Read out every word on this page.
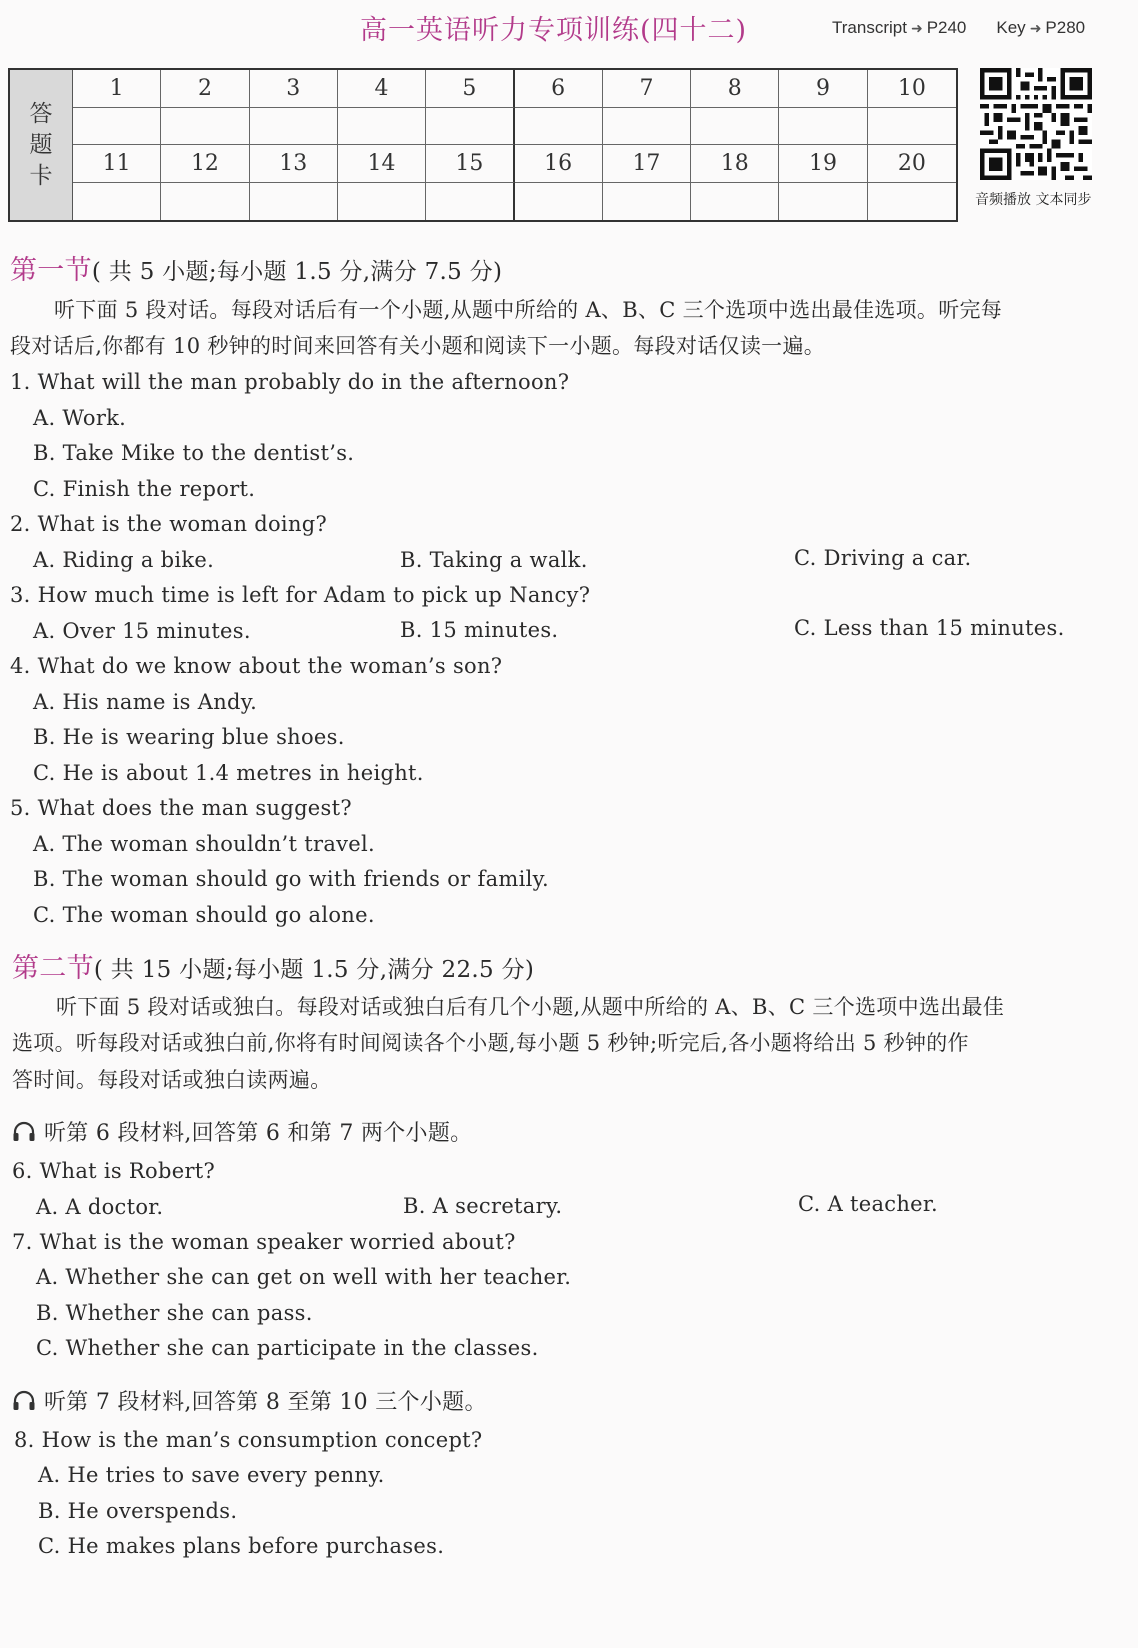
高一英语听力专项训练(四十二)	Transcript ➜ P240 Key ➜ P280
答
题
卡
1	2	3	4	5	6	7	8	9	10
11	12	13	14	15	16	17	18	19	20
音频播放 文本同步
第一节( 共 5 小题;每小题 1.5 分,满分 7.5 分)
听下面 5 段对话。每段对话后有一个小题,从题中所给的 A、B、C 三个选项中选出最佳选项。听完每
段对话后,你都有 10 秒钟的时间来回答有关小题和阅读下一小题。每段对话仅读一遍。
1. What will the man probably do in the afternoon?
A. Work.
B. Take Mike to the dentist’s.
C. Finish the report.
2. What is the woman doing?
A. Riding a bike.	B. Taking a walk.	C. Driving a car.
3. How much time is left for Adam to pick up Nancy?
A. Over 15 minutes.	B. 15 minutes.	C. Less than 15 minutes.
4. What do we know about the woman’s son?
A. His name is Andy.
B. He is wearing blue shoes.
C. He is about 1.4 metres in height.
5. What does the man suggest?
A. The woman shouldn’t travel.
B. The woman should go with friends or family.
C. The woman should go alone.
第二节( 共 15 小题;每小题 1.5 分,满分 22.5 分)
听下面 5 段对话或独白。每段对话或独白后有几个小题,从题中所给的 A、B、C 三个选项中选出最佳
选项。听每段对话或独白前,你将有时间阅读各个小题,每小题 5 秒钟;听完后,各小题将给出 5 秒钟的作
答时间。每段对话或独白读两遍。
听第 6 段材料,回答第 6 和第 7 两个小题。
6. What is Robert?
A. A doctor.	B. A secretary.	C. A teacher.
7. What is the woman speaker worried about?
A. Whether she can get on well with her teacher.
B. Whether she can pass.
C. Whether she can participate in the classes.
听第 7 段材料,回答第 8 至第 10 三个小题。
8. How is the man’s consumption concept?
A. He tries to save every penny.
B. He overspends.
C. He makes plans before purchases.
